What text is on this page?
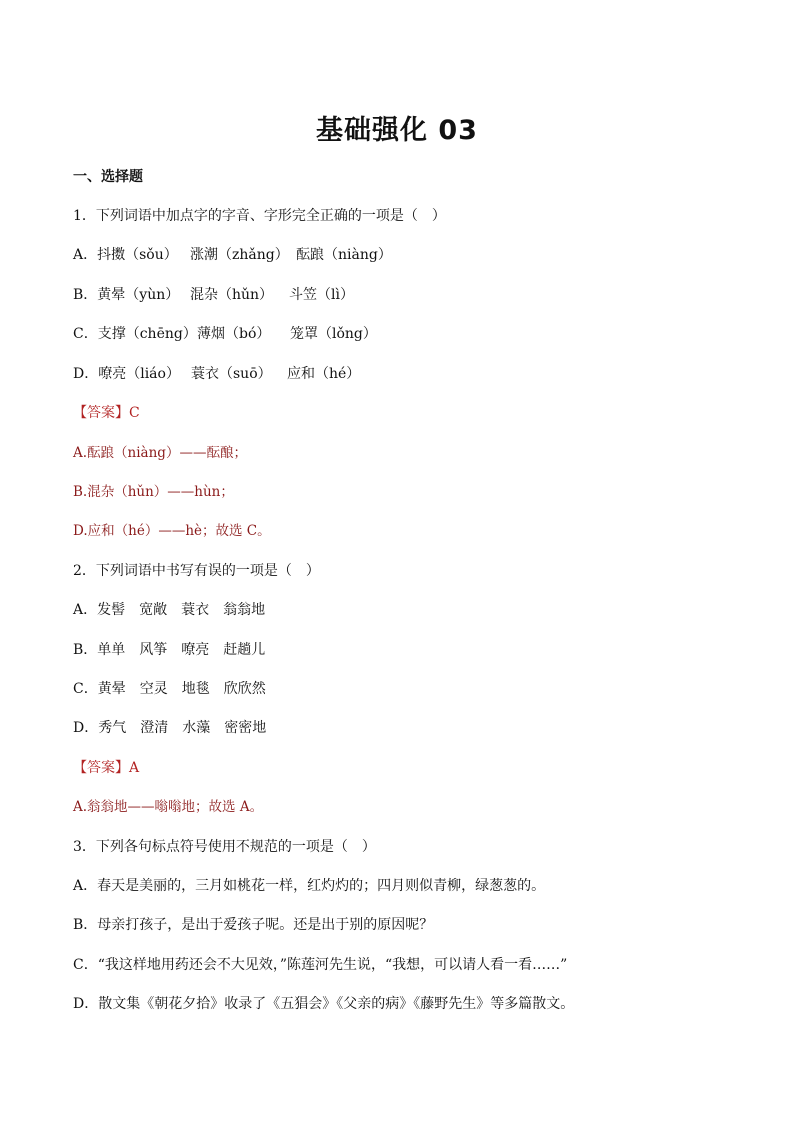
基础强化 03
一、选择题
1．下列词语中加点字的字音、字形完全正确的一项是（　）
A．抖擞（sǒu） 涨潮（zhǎng） 酝踉（niàng）
B．黄晕（yùn） 混杂（hǔn） 斗笠（lì）
C．支撑（chēng）薄烟（bó） 笼罩（lǒng）
D．嘹亮（liáo） 蓑衣（suō） 应和（hé）
【答案】C
A.酝踉（niàng）——酝酿；
B.混杂（hǔn）——hùn；
D.应和（hé）——hè；故选 C。
2．下列词语中书写有误的一项是（　）
A．发髻　宽敞　蓑衣　翁翁地
B．单单　风筝　嘹亮　赶趟儿
C．黄晕　空灵　地毯　欣欣然
D．秀气　澄清　水藻　密密地
【答案】A
A.翁翁地——嗡嗡地；故选 A。
3．下列各句标点符号使用不规范的一项是（　）
A．春天是美丽的，三月如桃花一样，红灼灼的；四月则似青柳，绿葱葱的。
B．母亲打孩子，是出于爱孩子呢。还是出于别的原因呢？
C．“我这样地用药还会不大见效，”陈莲河先生说，“我想，可以请人看一看……”
D．散文集《朝花夕拾》收录了《五猖会》《父亲的病》《藤野先生》等多篇散文。
